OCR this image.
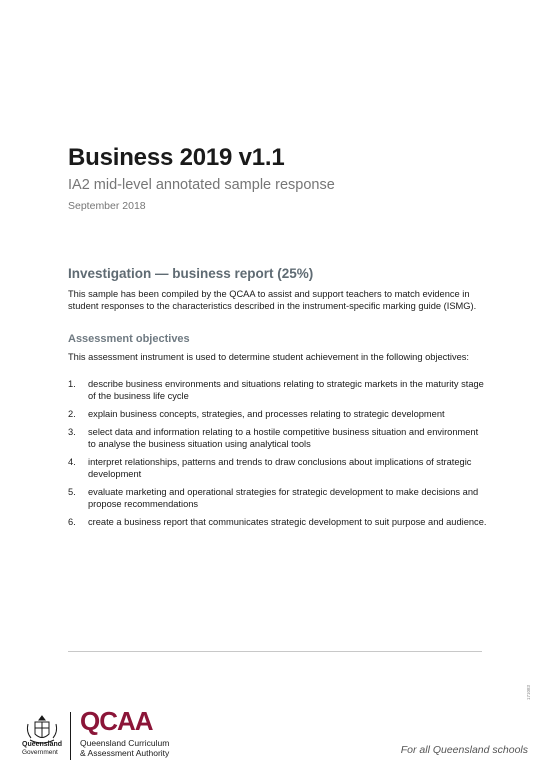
Business 2019 v1.1
IA2 mid-level annotated sample response
September 2018
Investigation — business report (25%)

This sample has been compiled by the QCAA to assist and support teachers to match evidence in student responses to the characteristics described in the instrument-specific marking guide (ISMG).

Assessment objectives

This assessment instrument is used to determine student achievement in the following objectives:

1.	describe business environments and situations relating to strategic markets in the maturity stage of the business life cycle
2.	explain business concepts, strategies, and processes relating to strategic development
3.	select data and information relating to a hostile competitive business situation and environment to analyse the business situation using analytical tools
4.	interpret relationships, patterns and trends to draw conclusions about implications of strategic development
5.	evaluate marketing and operational strategies for strategic development to make decisions and propose recommendations
6.	create a business report that communicates strategic development to suit purpose and audience.
Queensland
Government
QCAA
Queensland Curriculum
& Assessment Authority	For all Queensland schools
171083
